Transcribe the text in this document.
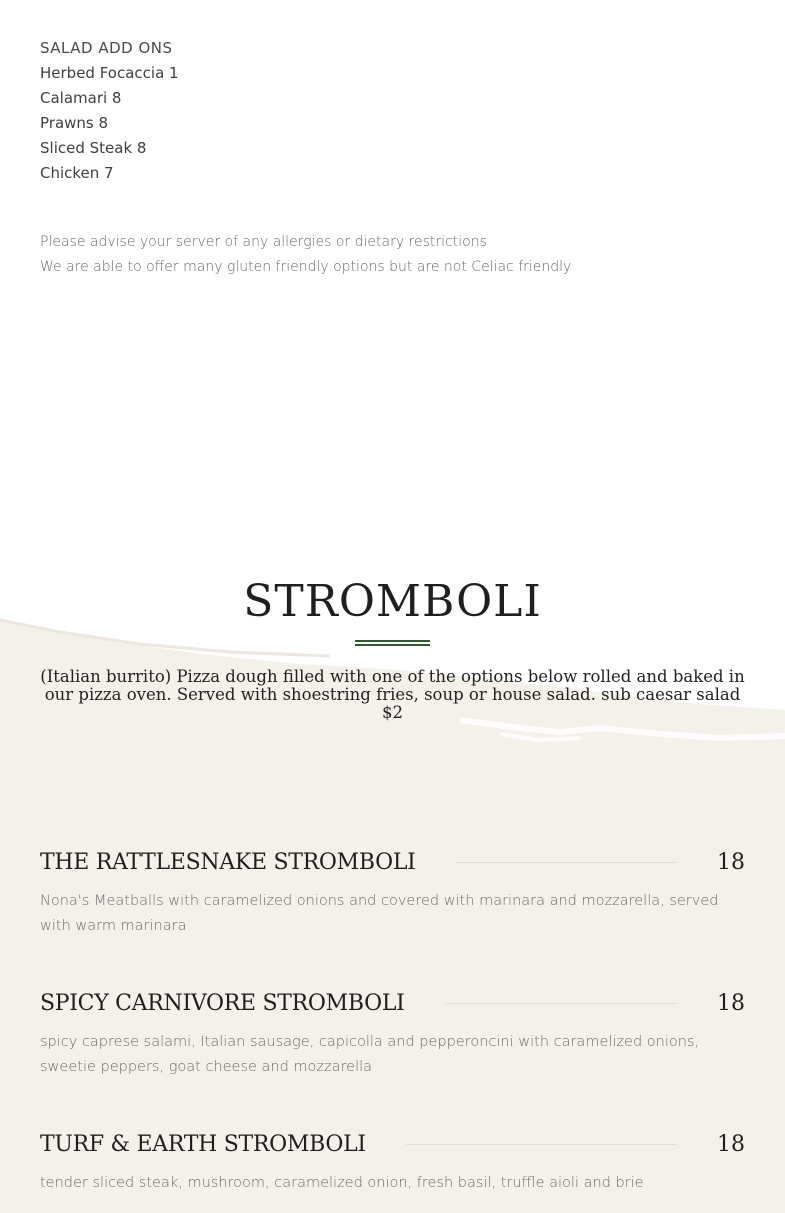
SALAD ADD ONS
Herbed Focaccia 1
Calamari 8
Prawns 8
Sliced Steak 8
Chicken 7

Please advise your server of any allergies or dietary restrictions

We are able to offer many gluten friendly options but are not Celiac friendly

STROMBOLI

(Italian burrito) Pizza dough filled with one of the options below rolled and baked in our pizza oven. Served with shoestring fries, soup or house salad. sub caesar salad $2

THE RATTLESNAKE STROMBOLI	18

Nona's Meatballs with caramelized onions and covered with marinara and mozzarella, served with warm marinara

SPICY CARNIVORE STROMBOLI	18

spicy caprese salami, Italian sausage, capicolla and pepperoncini with caramelized onions, sweetie peppers, goat cheese and mozzarella

TURF & EARTH STROMBOLI	18

tender sliced steak, mushroom, caramelized onion, fresh basil, truffle aioli and brie
